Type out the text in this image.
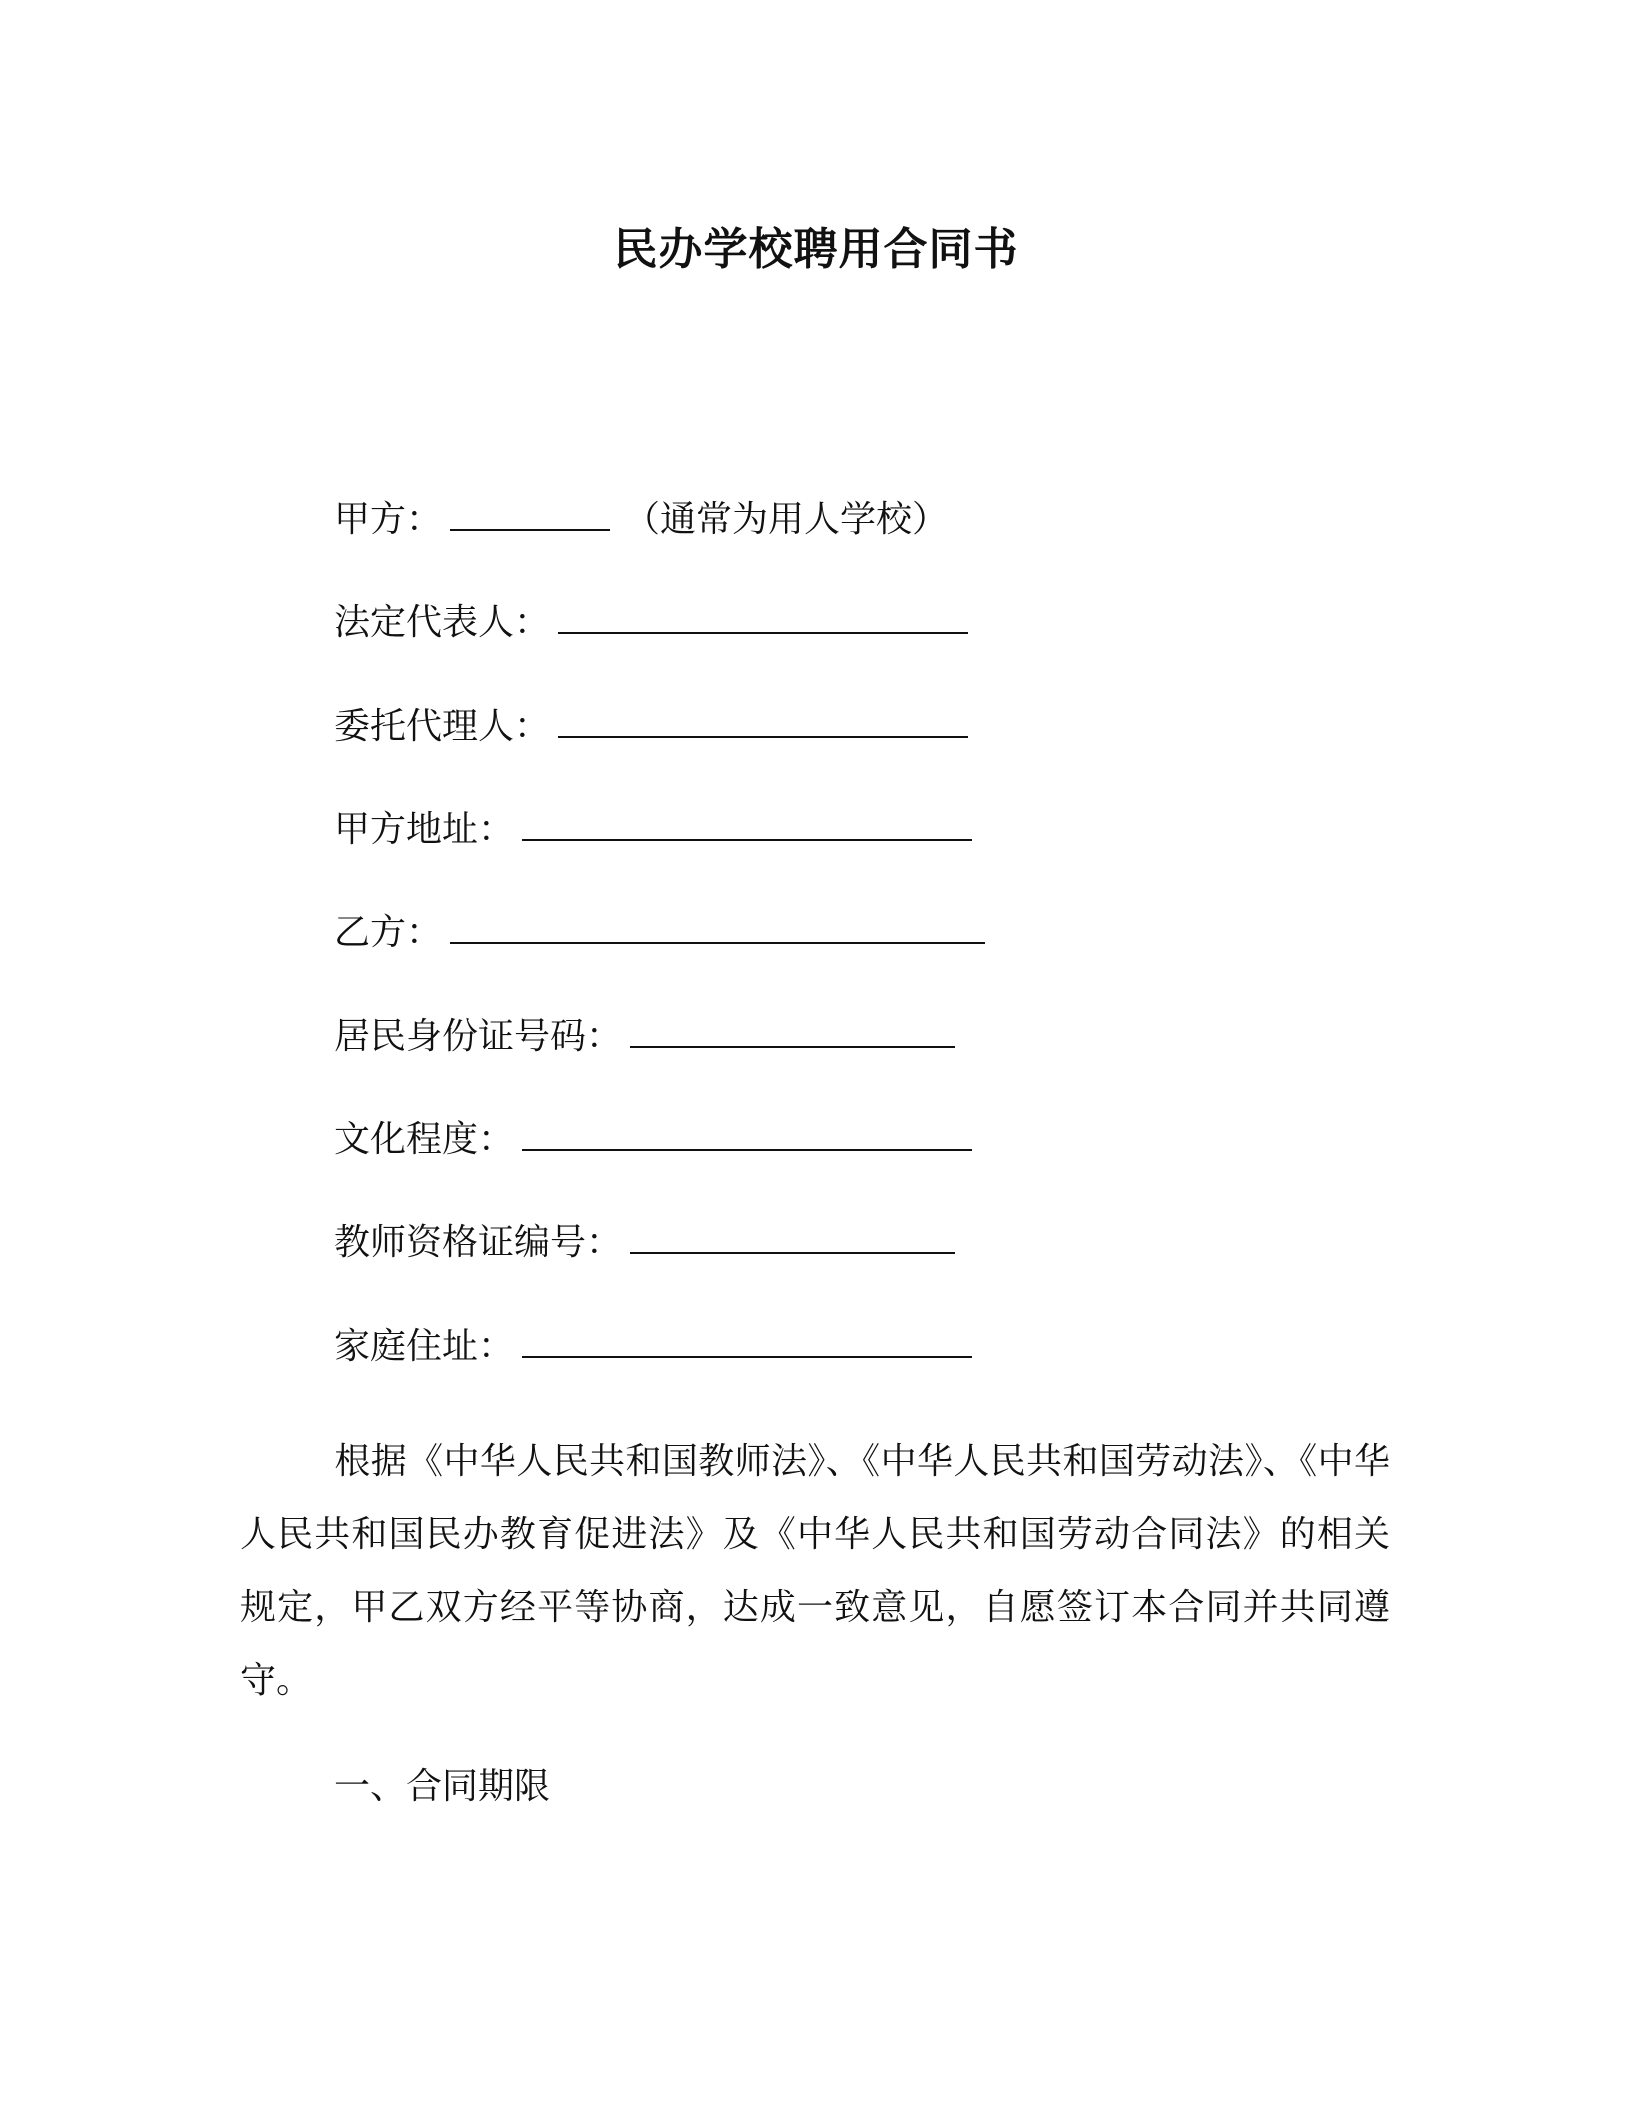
民办学校聘用合同书
甲方：	（通常为用人学校）
法定代表人：
委托代理人：
甲方地址：
乙方：
居民身份证号码：
文化程度：
教师资格证编号：
家庭住址：
根据《中华人民共和国教师法》、《中华人民共和国劳动法》、《中华人民共和国民办教育促进法》及《中华人民共和国劳动合同法》的相关规定，甲乙双方经平等协商，达成一致意见，自愿签订本合同并共同遵守。
一、合同期限
